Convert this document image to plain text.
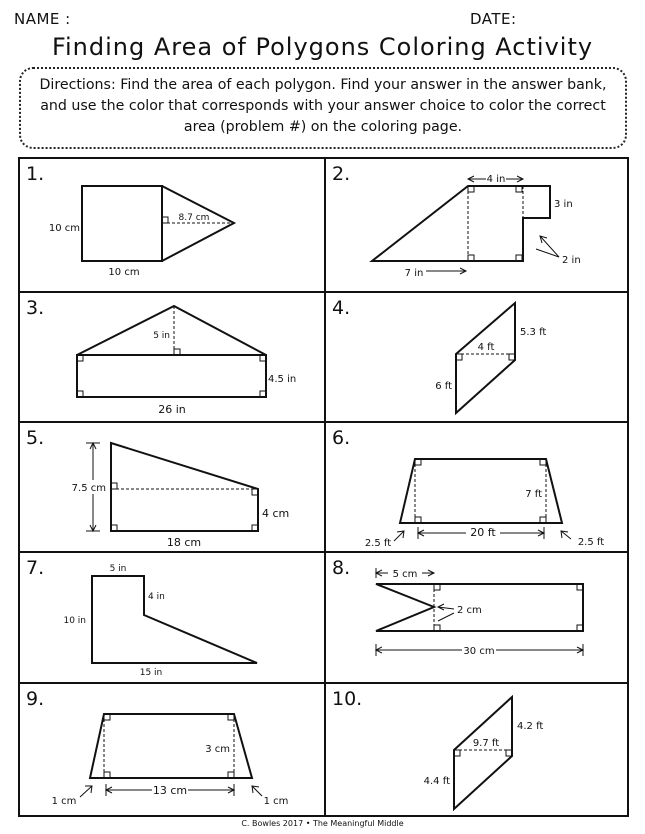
NAME :	DATE:
Finding Area of Polygons Coloring Activity
Directions: Find the area of each polygon. Find your answer in the answer bank, and use the color that corresponds with your answer choice to color the correct area (problem #) on the coloring page.
1.
10 cm
8.7 cm
10 cm
2.	4 in
3 in
2 in
7 in
3.
5 in
4.5 in
26 in
4.
4 ft
5.3 ft
6 ft
5.
7.5 cm
4 cm
18 cm
6.
7 ft
20 ft
2.5 ft	2.5 ft
7.	5 in
4 in
10 in
15 in
8.	5 cm
2 cm
30 cm
9.
3 cm
13 cm
1 cm	1 cm
10.
9.7 ft
4.2 ft
4.4 ft
C. Bowles 2017 • The Meaningful Middle
